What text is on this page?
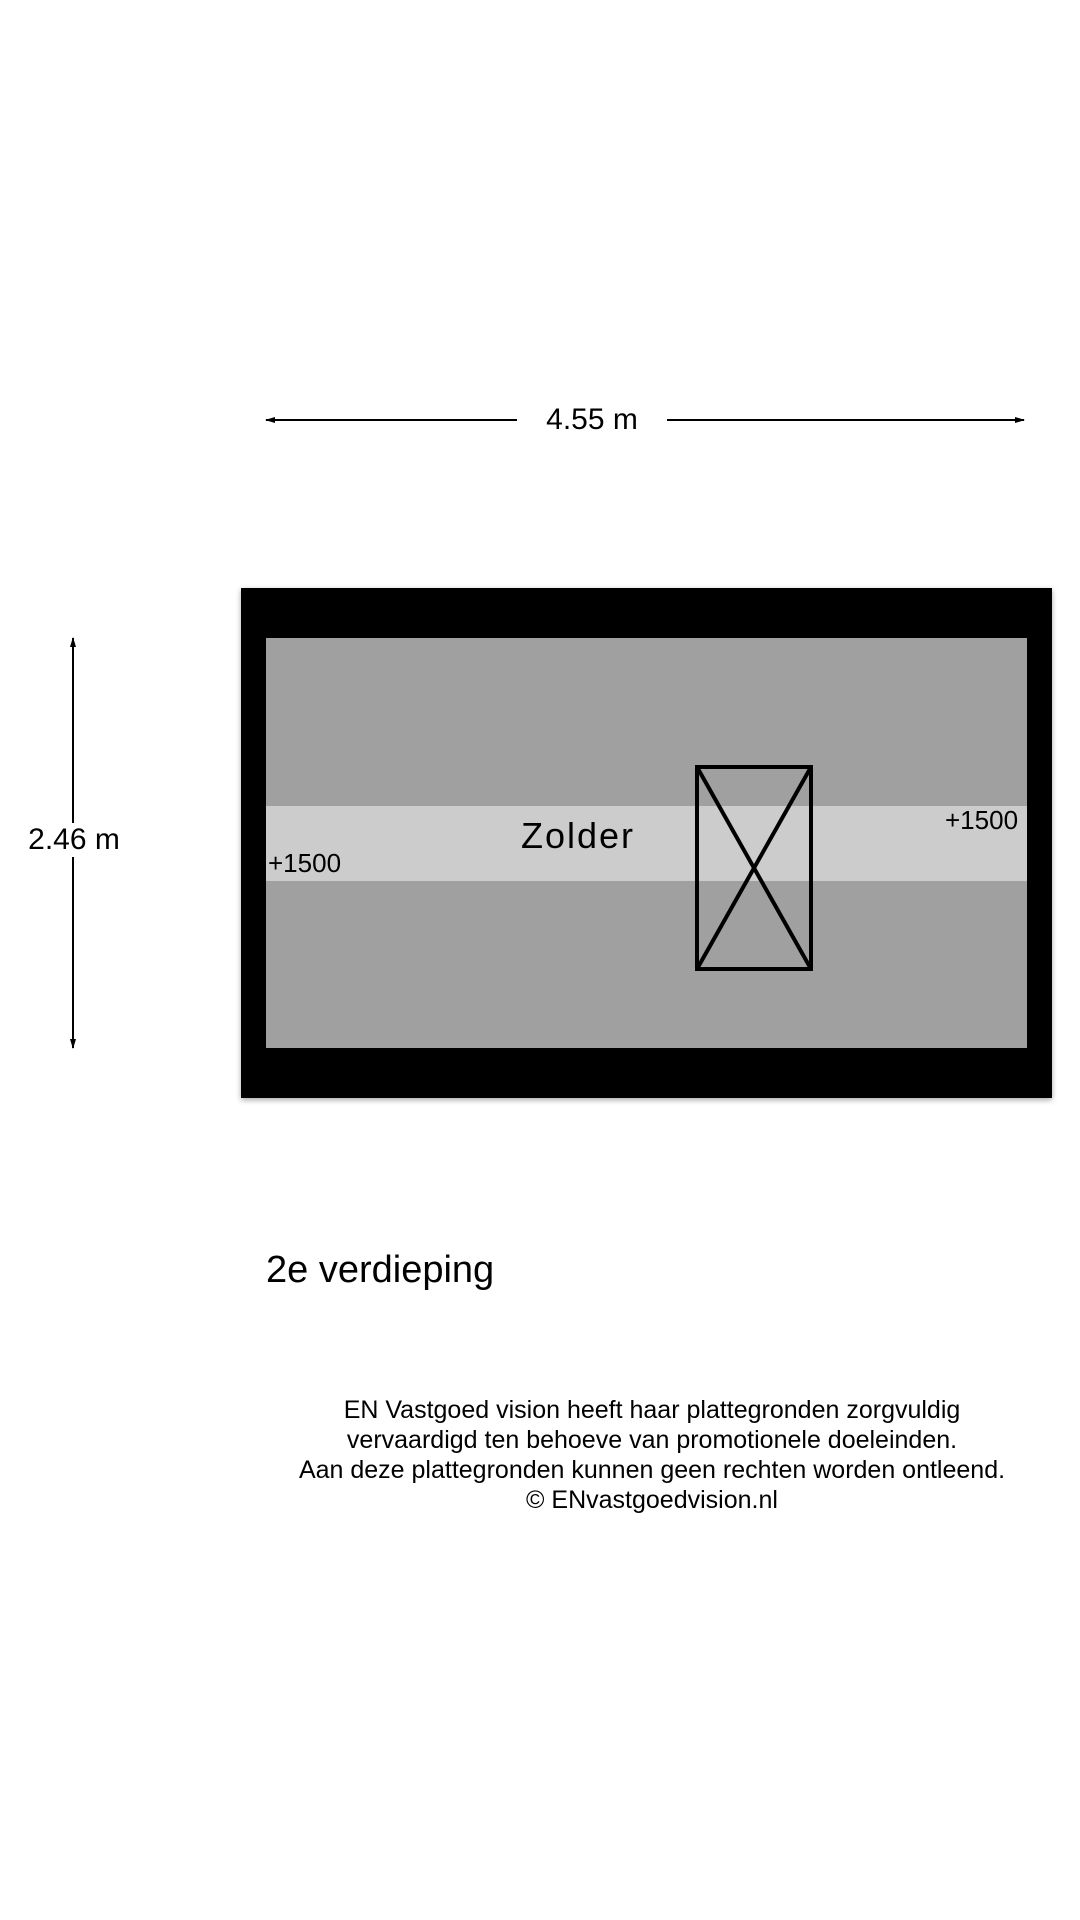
4.55 m
2.46 m	Zolder
+1500
+1500
2e verdieping
EN Vastgoed vision heeft haar plattegronden zorgvuldig
vervaardigd ten behoeve van promotionele doeleinden.
Aan deze plattegronden kunnen geen rechten worden ontleend.
© ENvastgoedvision.nl
